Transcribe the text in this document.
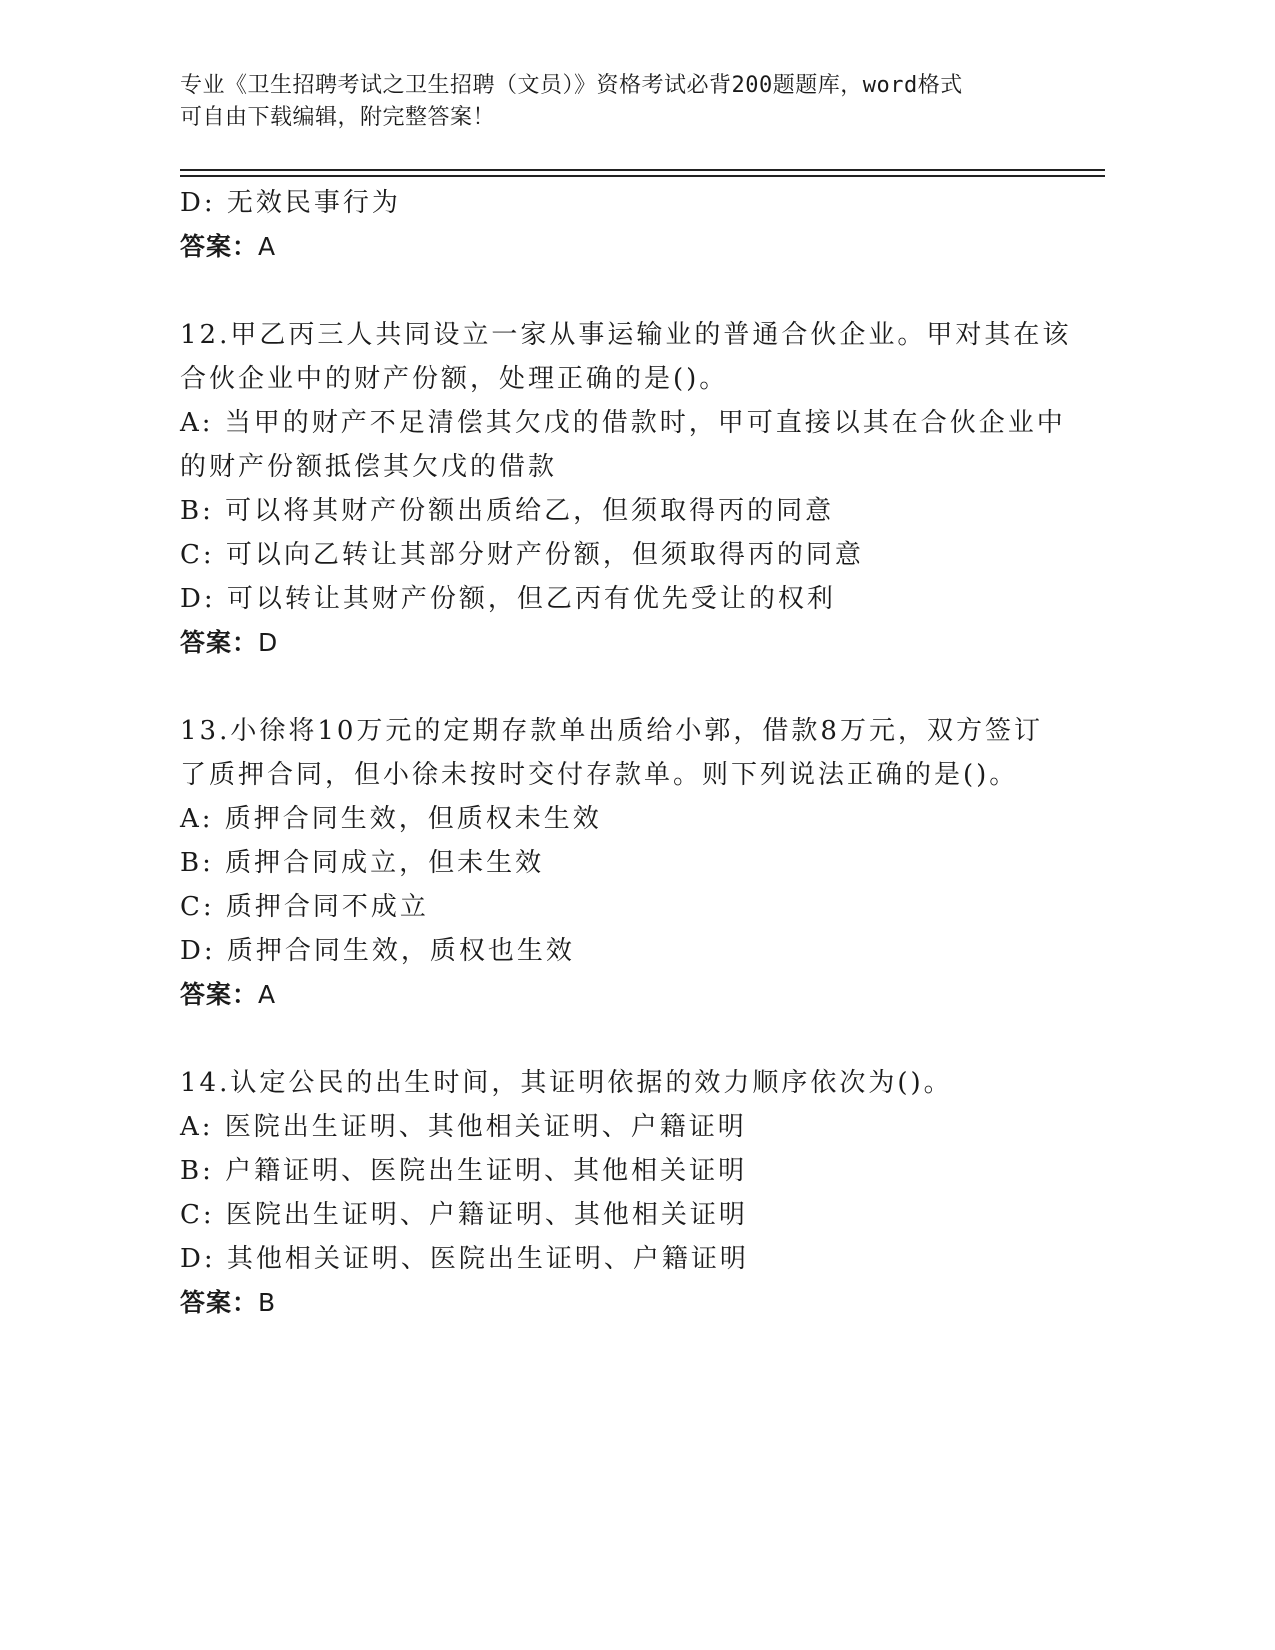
专业《卫生招聘考试之卫生招聘（文员）》资格考试必背200题题库，word格式
可自由下载编辑，附完整答案！
D: 无效民事行为
答案：A
12.甲乙丙三人共同设立一家从事运输业的普通合伙企业。甲对其在该
合伙企业中的财产份额，处理正确的是()。
A: 当甲的财产不足清偿其欠戊的借款时，甲可直接以其在合伙企业中
的财产份额抵偿其欠戊的借款
B: 可以将其财产份额出质给乙，但须取得丙的同意
C: 可以向乙转让其部分财产份额，但须取得丙的同意
D: 可以转让其财产份额，但乙丙有优先受让的权利
答案：D
13.小徐将10万元的定期存款单出质给小郭，借款8万元，双方签订
了质押合同，但小徐未按时交付存款单。则下列说法正确的是()。
A: 质押合同生效，但质权未生效
B: 质押合同成立，但未生效
C: 质押合同不成立
D: 质押合同生效，质权也生效
答案：A
14.认定公民的出生时间，其证明依据的效力顺序依次为()。
A: 医院出生证明、其他相关证明、户籍证明
B: 户籍证明、医院出生证明、其他相关证明
C: 医院出生证明、户籍证明、其他相关证明
D: 其他相关证明、医院出生证明、户籍证明
答案：B
